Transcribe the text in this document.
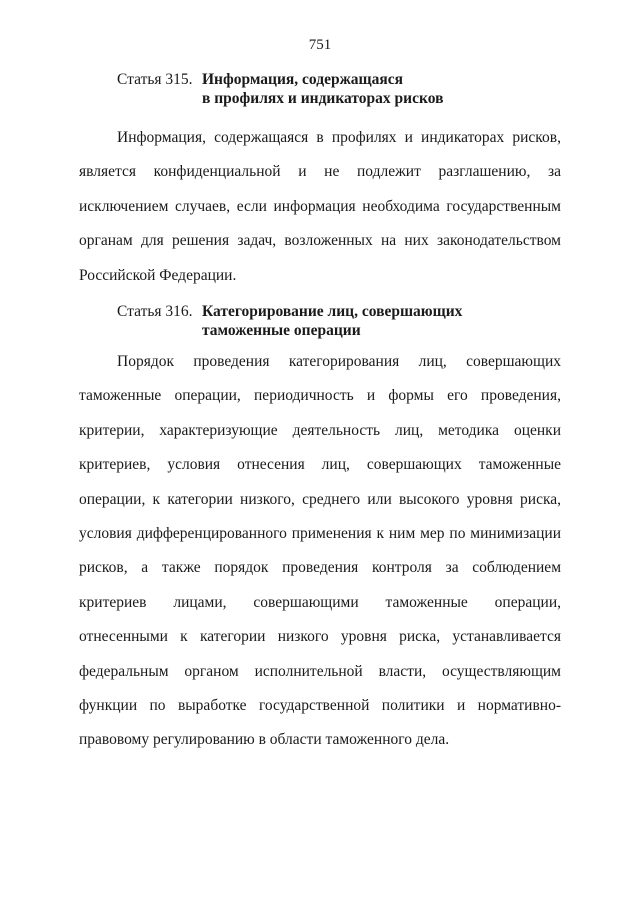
751
Статья 315. Информация, содержащаяся
в профилях и индикаторах рисков

Информация, содержащаяся в профилях и индикаторах рисков, является конфиденциальной и не подлежит разглашению, за исключением случаев, если информация необходима государственным органам для решения задач, возложенных на них законодательством Российской Федерации.

Статья 316. Категорирование лиц, совершающих
таможенные операции

Порядок проведения категорирования лиц, совершающих таможенные операции, периодичность и формы его проведения, критерии, характеризующие деятельность лиц, методика оценки критериев, условия отнесения лиц, совершающих таможенные операции, к категории низкого, среднего или высокого уровня риска, условия дифференцированного применения к ним мер по минимизации рисков, а также порядок проведения контроля за соблюдением критериев лицами, совершающими таможенные операции, отнесенными к категории низкого уровня риска, устанавливается федеральным органом исполнительной власти, осуществляющим функции по выработке государственной политики и нормативно-правовому регулированию в области таможенного дела.
